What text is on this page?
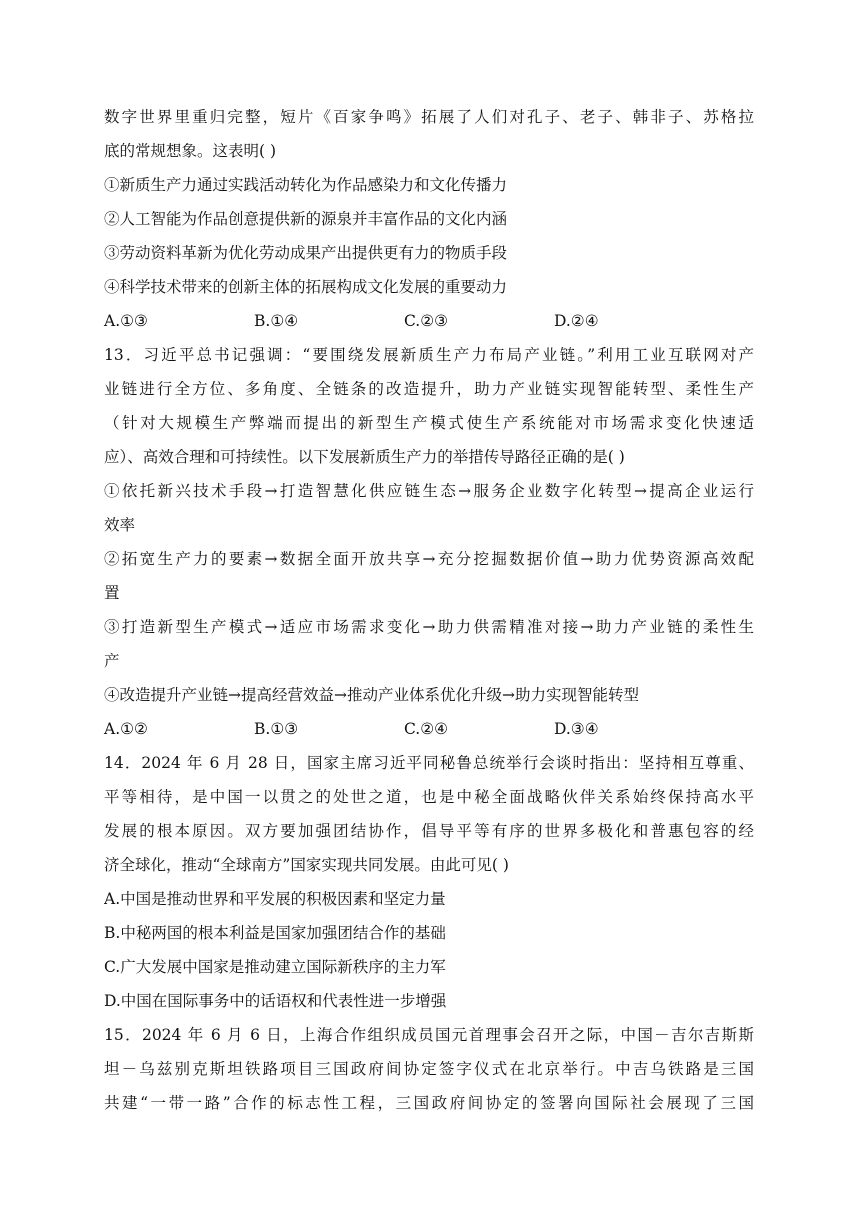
数字世界里重归完整，短片《百家争鸣》拓展了人们对孔子、老子、韩非子、苏格拉
底的常规想象。这表明( )
①新质生产力通过实践活动转化为作品感染力和文化传播力
②人工智能为作品创意提供新的源泉并丰富作品的文化内涵
③劳动资料革新为优化劳动成果产出提供更有力的物质手段
④科学技术带来的创新主体的拓展构成文化发展的重要动力
A.①③	B.①④	C.②③	D.②④
13．习近平总书记强调：“要围绕发展新质生产力布局产业链。”利用工业互联网对产
业链进行全方位、多角度、全链条的改造提升，助力产业链实现智能转型、柔性生产
（针对大规模生产弊端而提出的新型生产模式使生产系统能对市场需求变化快速适
应）、高效合理和可持续性。以下发展新质生产力的举措传导路径正确的是( )
①依托新兴技术手段→打造智慧化供应链生态→服务企业数字化转型→提高企业运行
效率
②拓宽生产力的要素→数据全面开放共享→充分挖掘数据价值→助力优势资源高效配
置
③打造新型生产模式→适应市场需求变化→助力供需精准对接→助力产业链的柔性生
产
④改造提升产业链→提高经营效益→推动产业体系优化升级→助力实现智能转型
A.①②	B.①③	C.②④	D.③④
14．2024 年 6 月 28 日，国家主席习近平同秘鲁总统举行会谈时指出：坚持相互尊重、
平等相待，是中国一以贯之的处世之道，也是中秘全面战略伙伴关系始终保持高水平
发展的根本原因。双方要加强团结协作，倡导平等有序的世界多极化和普惠包容的经
济全球化，推动“全球南方”国家实现共同发展。由此可见( )
A.中国是推动世界和平发展的积极因素和坚定力量
B.中秘两国的根本利益是国家加强团结合作的基础
C.广大发展中国家是推动建立国际新秩序的主力军
D.中国在国际事务中的话语权和代表性进一步增强
15．2024 年 6 月 6 日，上海合作组织成员国元首理事会召开之际，中国－吉尔吉斯斯
坦－乌兹别克斯坦铁路项目三国政府间协定签字仪式在北京举行。中吉乌铁路是三国
共建“一带一路”合作的标志性工程，三国政府间协定的签署向国际社会展现了三国
